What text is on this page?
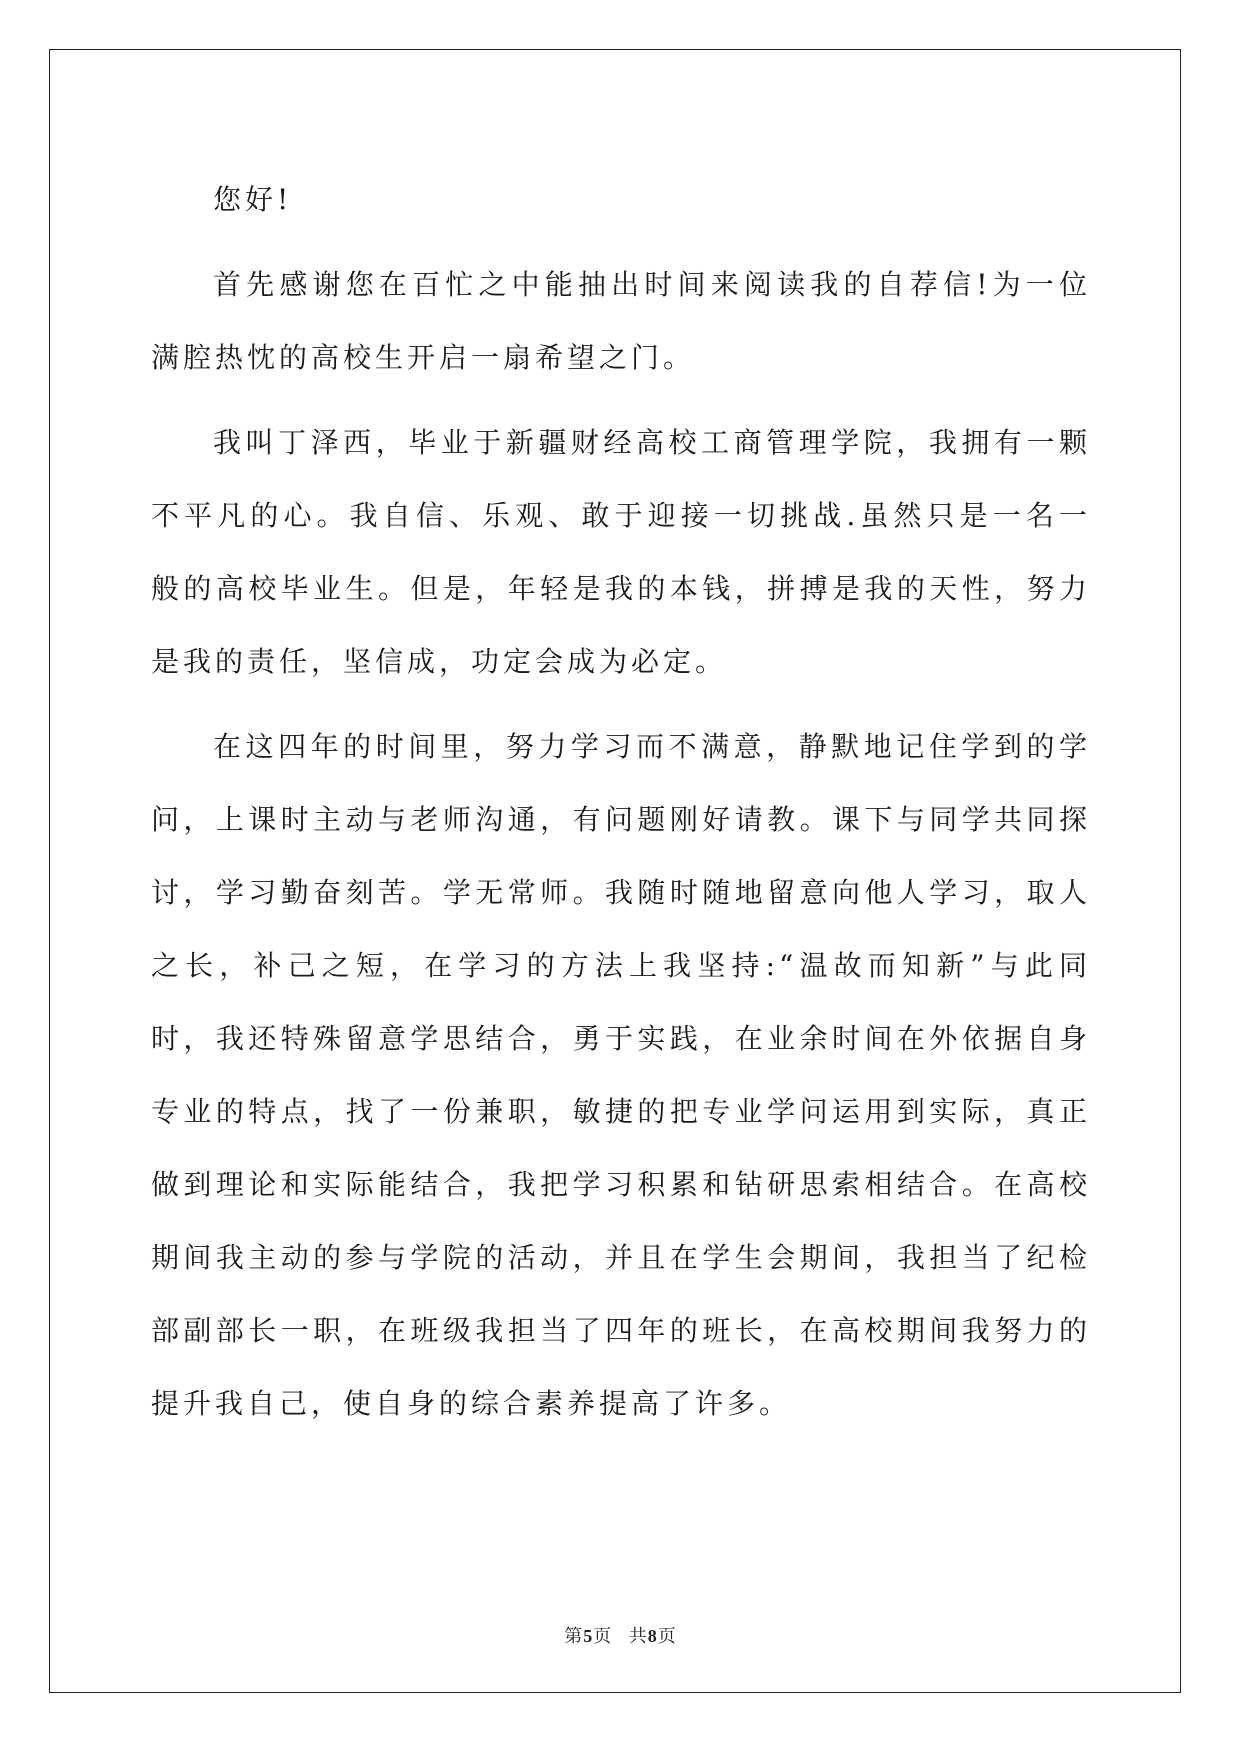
您好!

首先感谢您在百忙之中能抽出时间来阅读我的自荐信!为一位满腔热忱的高校生开启一扇希望之门。

我叫丁泽西，毕业于新疆财经高校工商管理学院，我拥有一颗不平凡的心。我自信、乐观、敢于迎接一切挑战.虽然只是一名一般的高校毕业生。但是，年轻是我的本钱，拼搏是我的天性，努力是我的责任，坚信成，功定会成为必定。

在这四年的时间里，努力学习而不满意，静默地记住学到的学问，上课时主动与老师沟通，有问题刚好请教。课下与同学共同探讨，学习勤奋刻苦。学无常师。我随时随地留意向他人学习，取人之长，补己之短，在学习的方法上我坚持:“温故而知新”与此同时，我还特殊留意学思结合，勇于实践，在业余时间在外依据自身专业的特点，找了一份兼职，敏捷的把专业学问运用到实际，真正做到理论和实际能结合，我把学习积累和钻研思索相结合。在高校期间我主动的参与学院的活动，并且在学生会期间，我担当了纪检部副部长一职，在班级我担当了四年的班长，在高校期间我努力的提升我自己，使自身的综合素养提高了许多。

第5页 共8页
